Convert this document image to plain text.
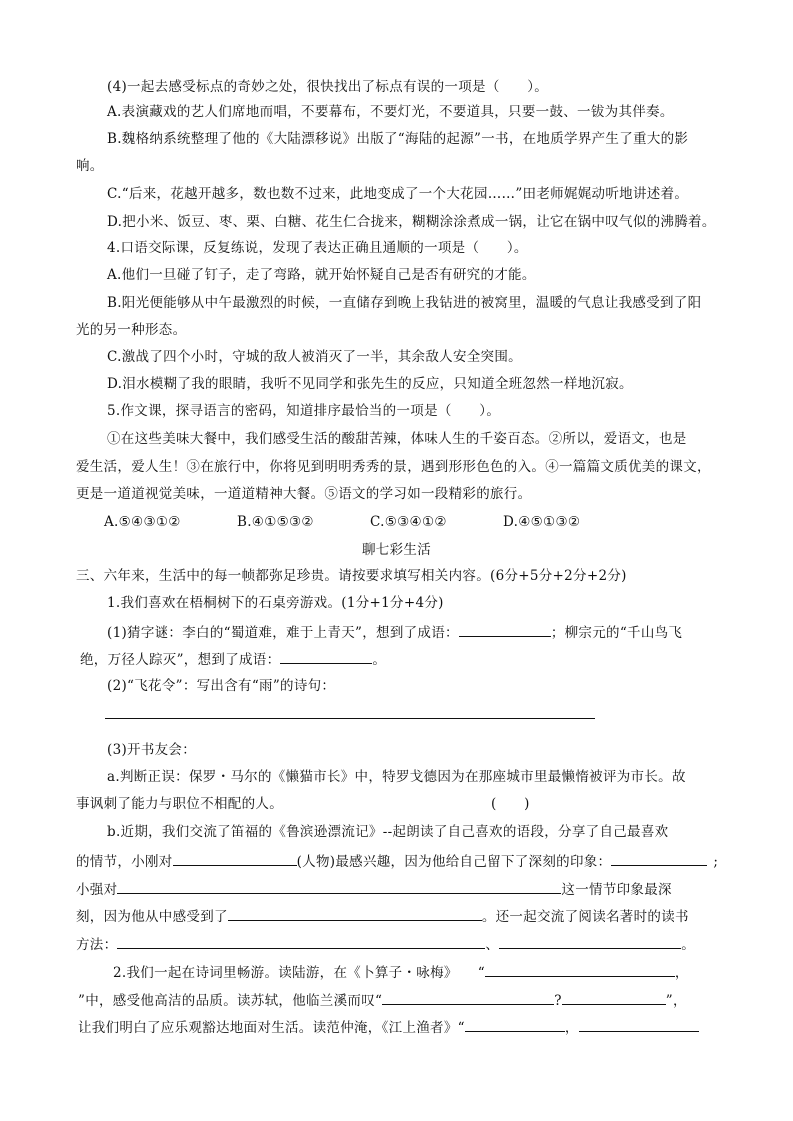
(4)一起去感受标点的奇妙之处，很快找出了标点有误的一项是（　　）。
A.表演藏戏的艺人们席地而唱，不要幕布，不要灯光，不要道具，只要一鼓、一钹为其伴奏。
B.魏格纳系统整理了他的《大陆漂移说》出版了“海陆的起源”一书，在地质学界产生了重大的影
响。
C.“后来，花越开越多，数也数不过来，此地变成了一个大花园……”田老师娓娓动听地讲述着。
D.把小米、饭豆、枣、栗、白糖、花生仁合拢来，糊糊涂涂煮成一锅，让它在锅中叹气似的沸腾着。
4.口语交际课，反复练说，发现了表达正确且通顺的一项是（　　）。
A.他们一旦碰了钉子，走了弯路，就开始怀疑自己是否有研究的才能。
B.阳光便能够从中午最激烈的时候，一直储存到晚上我钻进的被窝里，温暖的气息让我感受到了阳
光的另一种形态。
C.激战了四个小时，守城的敌人被消灭了一半，其余敌人安全突围。
D.泪水模糊了我的眼睛，我听不见同学和张先生的反应，只知道全班忽然一样地沉寂。
5.作文课，探寻语言的密码，知道排序最恰当的一项是（　　）。
①在这些美味大餐中，我们感受生活的酸甜苦辣，体味人生的千姿百态。②所以，爱语文，也是
爱生活，爱人生！③在旅行中，你将见到明明秀秀的景，遇到形形色色的入。④一篇篇文质优美的课文，
更是一道道视觉美味，一道道精神大餐。⑤语文的学习如一段精彩的旅行。
A.⑤④③①②	B.④①⑤③②	C.⑤③④①②	D.④⑤①③②
聊七彩生活
三、六年来，生活中的每一帧都弥足珍贵。请按要求填写相关内容。(6分+5分+2分+2分)
1.我们喜欢在梧桐树下的石桌旁游戏。(1分+1分+4分)
(1)猜字谜：李白的“蜀道难，难于上青天”，想到了成语：	；柳宗元的“千山鸟飞
绝，万径人踪灭”，想到了成语：	。
(2)“飞花令”：写出含有“雨”的诗句：
(3)开书友会：
a.判断正误：保罗・马尔的《懒猫市长》中，特罗戈德因为在那座城市里最懒惰被评为市长。故
事讽刺了能力与职位不相配的人。	(　　)
b.近期，我们交流了笛福的《鲁滨逊漂流记》--起朗读了自己喜欢的语段，分享了自己最喜欢
的情节，小刚对	(人物)最感兴趣，因为他给自己留下了深刻的印象：	;
小强对	这一情节印象最深
刻，因为他从中感受到了	。还一起交流了阅读名著时的读书
方法：	、	。
2.我们一起在诗词里畅游。读陆游，在《卜算子・咏梅》 “	，
”中，感受他高洁的品质。读苏轼，他临兰溪而叹“	?	”，
让我们明白了应乐观豁达地面对生活。读范仲淹，《江上渔者》“	，
